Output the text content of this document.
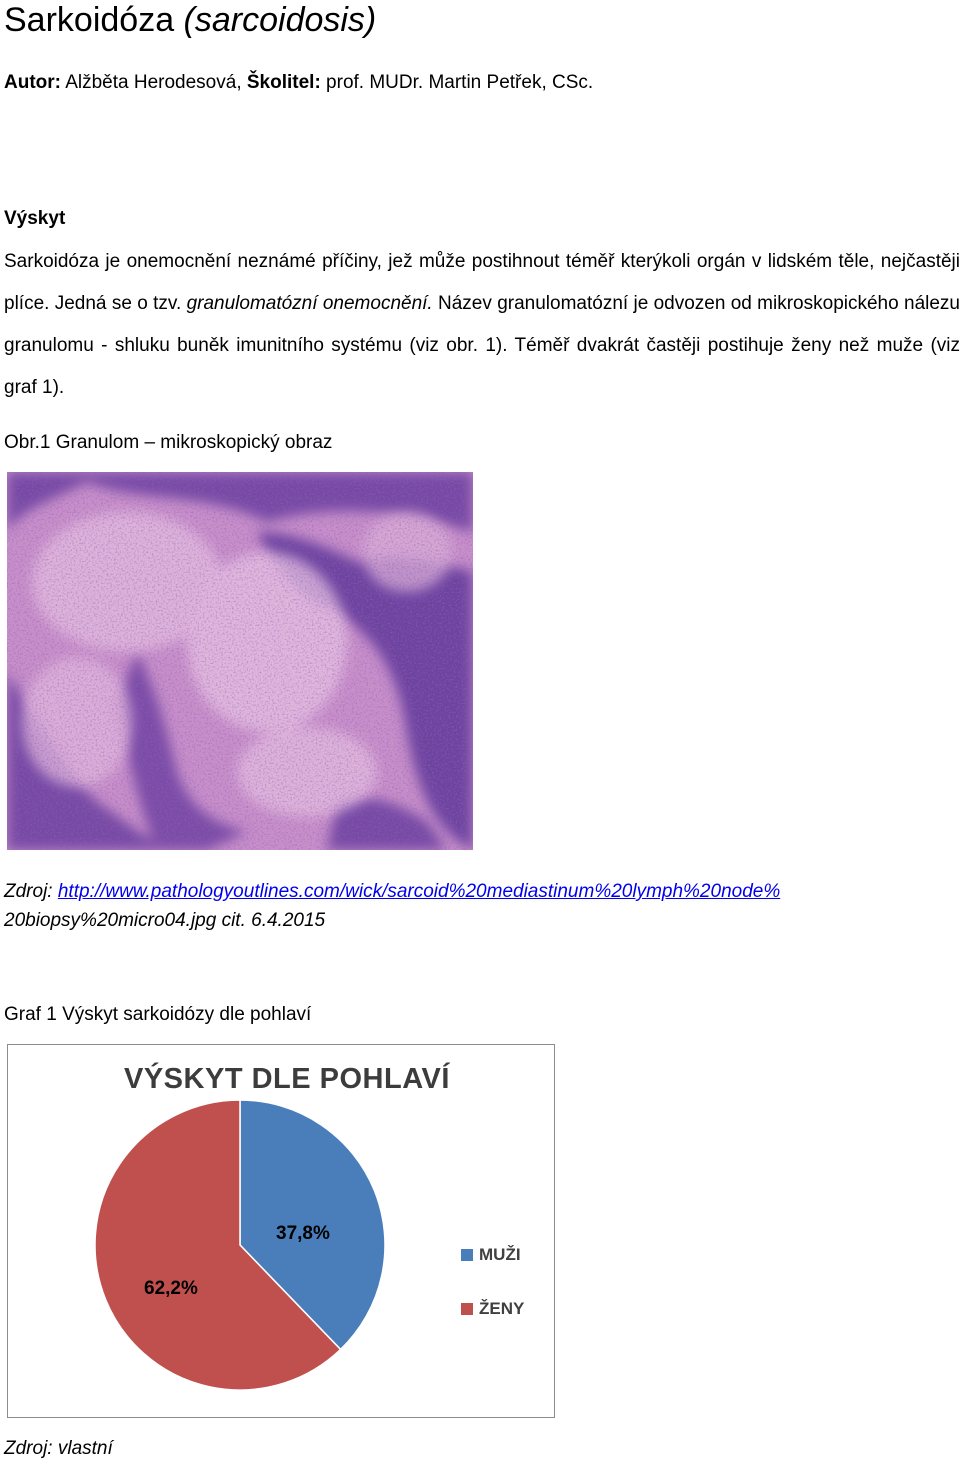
Sarkoidóza (sarcoidosis)
Autor: Alžběta Herodesová, Školitel: prof. MUDr. Martin Petřek, CSc.
Výskyt
Sarkoidóza je onemocnění neznámé příčiny, jež může postihnout téměř kterýkoli orgán v lidském těle, nejčastěji plíce. Jedná se o tzv. granulomatózní onemocnění. Název granulomatózní je odvozen od mikroskopického nálezu granulomu - shluku buněk imunitního systému (viz obr. 1). Téměř dvakrát častěji postihuje ženy než muže (viz graf 1).
Obr.1 Granulom – mikroskopický obraz
Zdroj: http://www.pathologyoutlines.com/wick/sarcoid%20mediastinum%20lymph%20node%
20biopsy%20micro04.jpg cit. 6.4.2015
Graf 1 Výskyt sarkoidózy dle pohlaví
VÝSKYT DLE POHLAVÍ
37,8%
62,2%
MUŽI
ŽENY
Zdroj: vlastní
